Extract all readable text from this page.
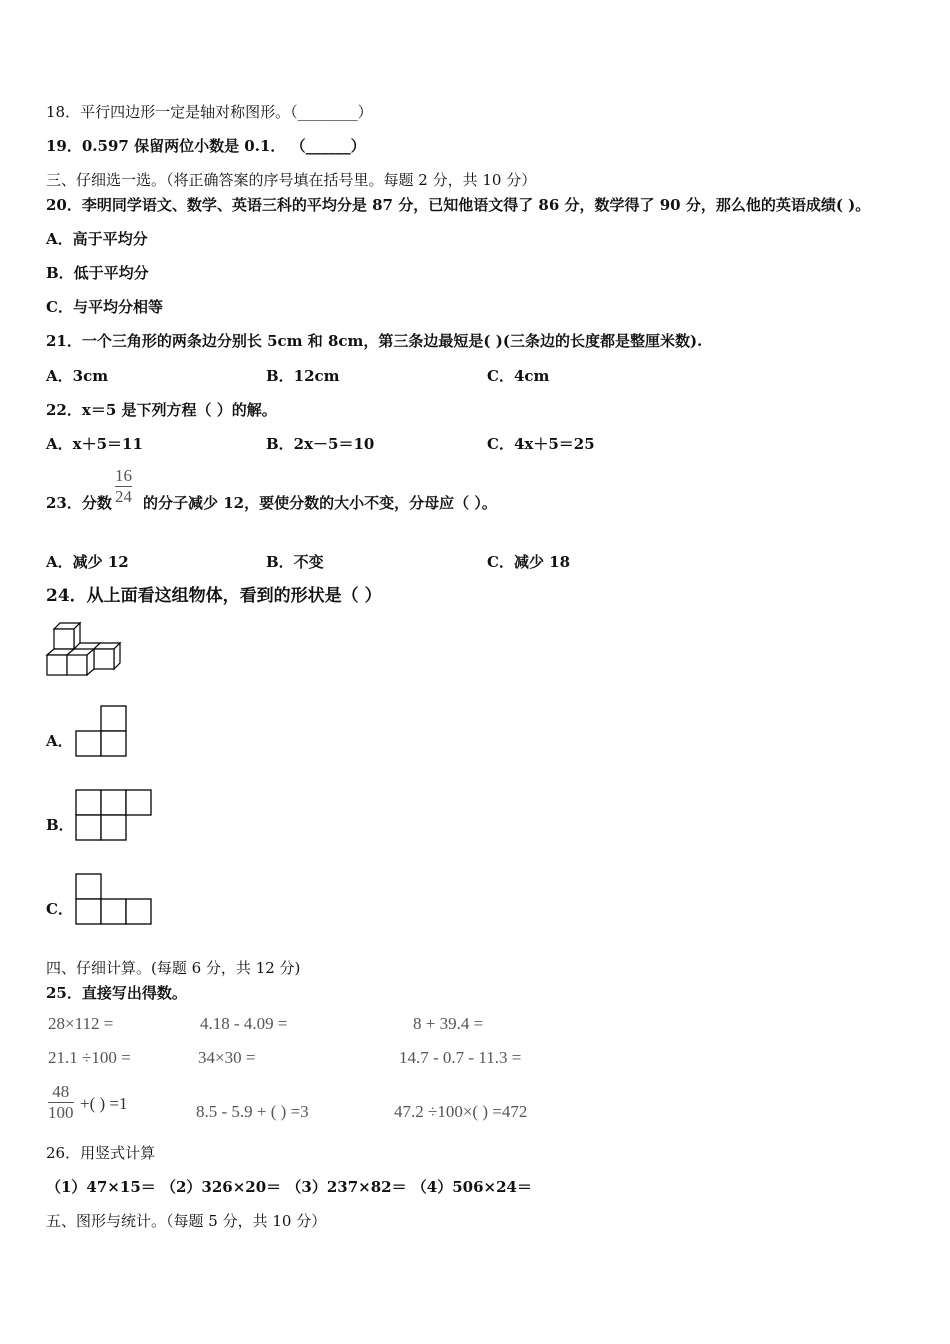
18．平行四边形一定是轴对称图形。（________）
19．0.597 保留两位小数是 0.1． （______）
三、仔细选一选。（将正确答案的序号填在括号里。每题 2 分，共 10 分）
20．李明同学语文、数学、英语三科的平均分是 87 分，已知他语文得了 86 分，数学得了 90 分，那么他的英语成绩( )。
A．高于平均分
B．低于平均分
C．与平均分相等
21．一个三角形的两条边分别长 5cm 和 8cm，第三条边最短是( )(三条边的长度都是整厘米数).
A．3cm	B．12cm	C．4cm
22．x＝5 是下列方程（ ）的解。
A．x＋5＝11	B．2x－5＝10	C．4x＋5＝25
23．分数
16
24 的分子减少 12，要使分数的大小不变，分母应（ ）。
A．减少 12	B．不变	C．减少 18
24．从上面看这组物体，看到的形状是（ ）
A．
B．
C．
四、仔细计算。(每题 6 分，共 12 分)
25．直接写出得数。
28×112 =	4.18 - 4.09 =	8 + 39.4 =
21.1 ÷100 =	34×30 =	14.7 - 0.7 - 11.3 =
48
100 +( ) =1	8.5 - 5.9 + ( ) =3	47.2 ÷100×( ) =472
26．用竖式计算
（1）47×15＝ （2）326×20＝ （3）237×82＝ （4）506×24＝
五、图形与统计。（每题 5 分，共 10 分）
